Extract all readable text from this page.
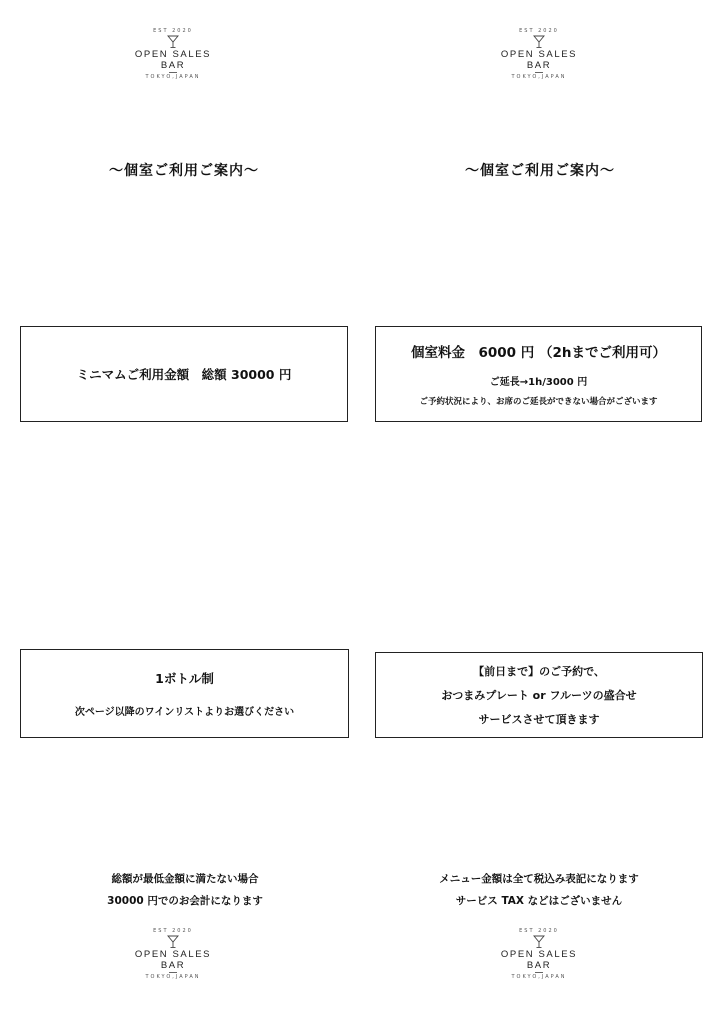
EST 2020
OPEN SALES
BAR
TOKYO,JAPAN
EST 2020
OPEN SALES
BAR
TOKYO,JAPAN
〜個室ご利用ご案内〜	〜個室ご利用ご案内〜
ミニマムご利用金額　総額 30000 円
個室料金　6000 円 （2hまでご利用可）
ご延長→1h/3000 円
ご予約状況により、お席のご延長ができない場合がございます
1ボトル制
次ページ以降のワインリストよりお選びください
【前日まで】のご予約で、
おつまみプレート or フルーツの盛合せ
サービスさせて頂きます
総額が最低金額に満たない場合
30000 円でのお会計になります
メニュー金額は全て税込み表記になります
サービス TAX などはございません
EST 2020
OPEN SALES
BAR
TOKYO,JAPAN
EST 2020
OPEN SALES
BAR
TOKYO,JAPAN
